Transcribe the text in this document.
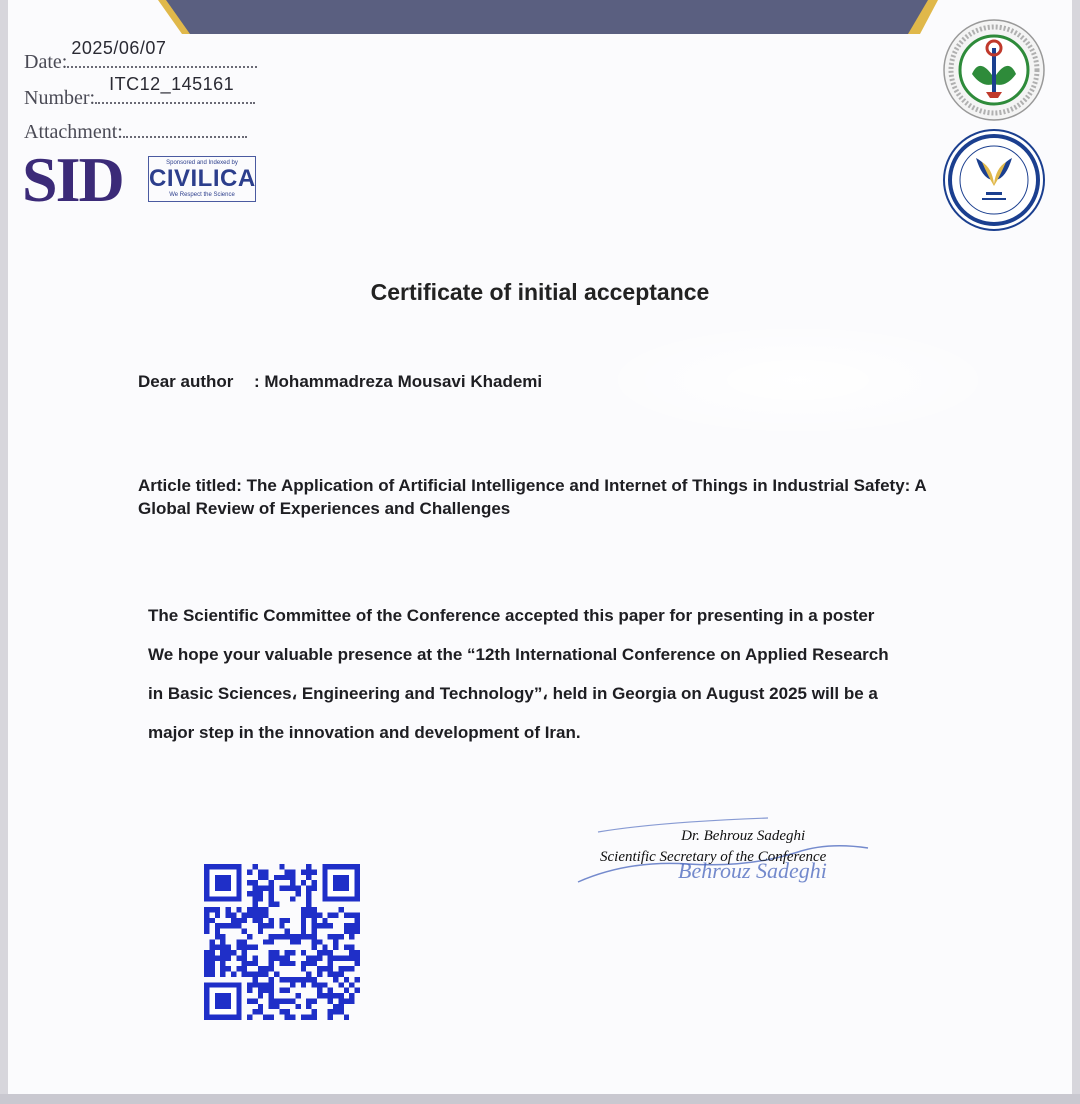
Date:
2025/06/07
Number:
ITC12_145161
Attachment:
SID	Sponsored and Indexed by
CIVILICA
We Respect the Science
Certificate of initial acceptance
Dear author : Mohammadreza Mousavi Khademi
Article titled: The Application of Artificial Intelligence and Internet of Things in Industrial Safety: A Global Review of Experiences and Challenges
The Scientific Committee of the Conference accepted this paper for presenting in a poster
We hope your valuable presence at the “12th International Conference on Applied Research
in Basic Sciences، Engineering and Technology”، held in Georgia on August 2025 will be a
major step in the innovation and development of Iran.
Behrouz Sadeghi
Dr. Behrouz Sadeghi
Scientific Secretary of the Conference
